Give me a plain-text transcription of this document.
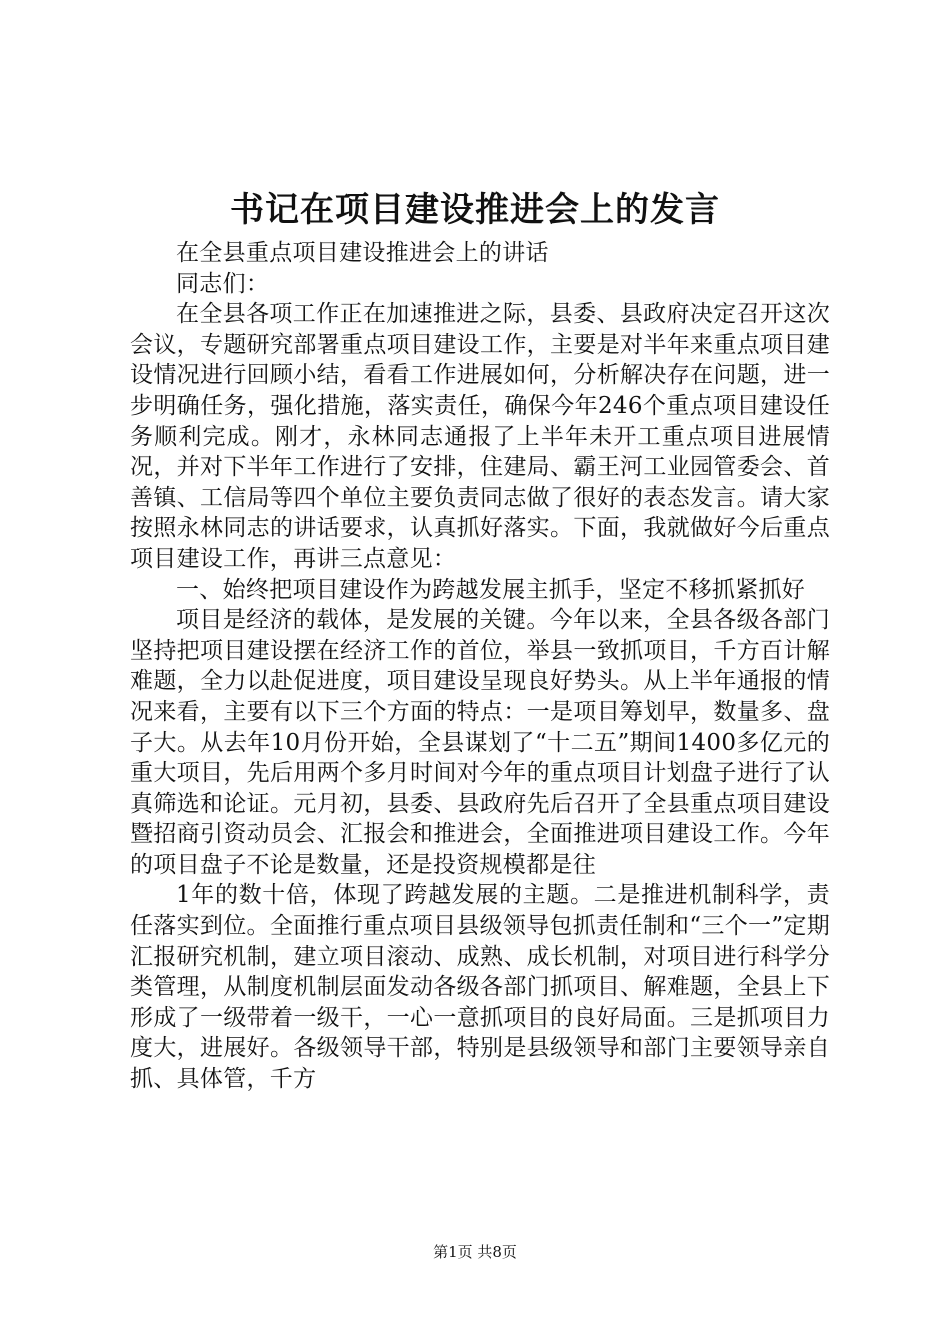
书记在项目建设推进会上的发言

在全县重点项目建设推进会上的讲话

同志们：

在全县各项工作正在加速推进之际，县委、县政府决定召开这次会议，专题研究部署重点项目建设工作，主要是对半年来重点项目建设情况进行回顾小结，看看工作进展如何，分析解决存在问题，进一步明确任务，强化措施，落实责任，确保今年246个重点项目建设任务顺利完成。刚才，永林同志通报了上半年未开工重点项目进展情况，并对下半年工作进行了安排，住建局、霸王河工业园管委会、首善镇、工信局等四个单位主要负责同志做了很好的表态发言。请大家按照永林同志的讲话要求，认真抓好落实。下面，我就做好今后重点项目建设工作，再讲三点意见：

一、始终把项目建设作为跨越发展主抓手，坚定不移抓紧抓好

项目是经济的载体，是发展的关键。今年以来，全县各级各部门坚持把项目建设摆在经济工作的首位，举县一致抓项目，千方百计解难题，全力以赴促进度，项目建设呈现良好势头。从上半年通报的情况来看，主要有以下三个方面的特点：一是项目筹划早，数量多、盘子大。从去年10月份开始，全县谋划了“十二五”期间1400多亿元的重大项目，先后用两个多月时间对今年的重点项目计划盘子进行了认真筛选和论证。元月初，县委、县政府先后召开了全县重点项目建设暨招商引资动员会、汇报会和推进会，全面推进项目建设工作。今年的项目盘子不论是数量，还是投资规模都是往

1年的数十倍，体现了跨越发展的主题。二是推进机制科学，责任落实到位。全面推行重点项目县级领导包抓责任制和“三个一”定期汇报研究机制，建立项目滚动、成熟、成长机制，对项目进行科学分类管理，从制度机制层面发动各级各部门抓项目、解难题，全县上下形成了一级带着一级干，一心一意抓项目的良好局面。三是抓项目力度大，进展好。各级领导干部，特别是县级领导和部门主要领导亲自抓、具体管，千方

第1页 共8页
